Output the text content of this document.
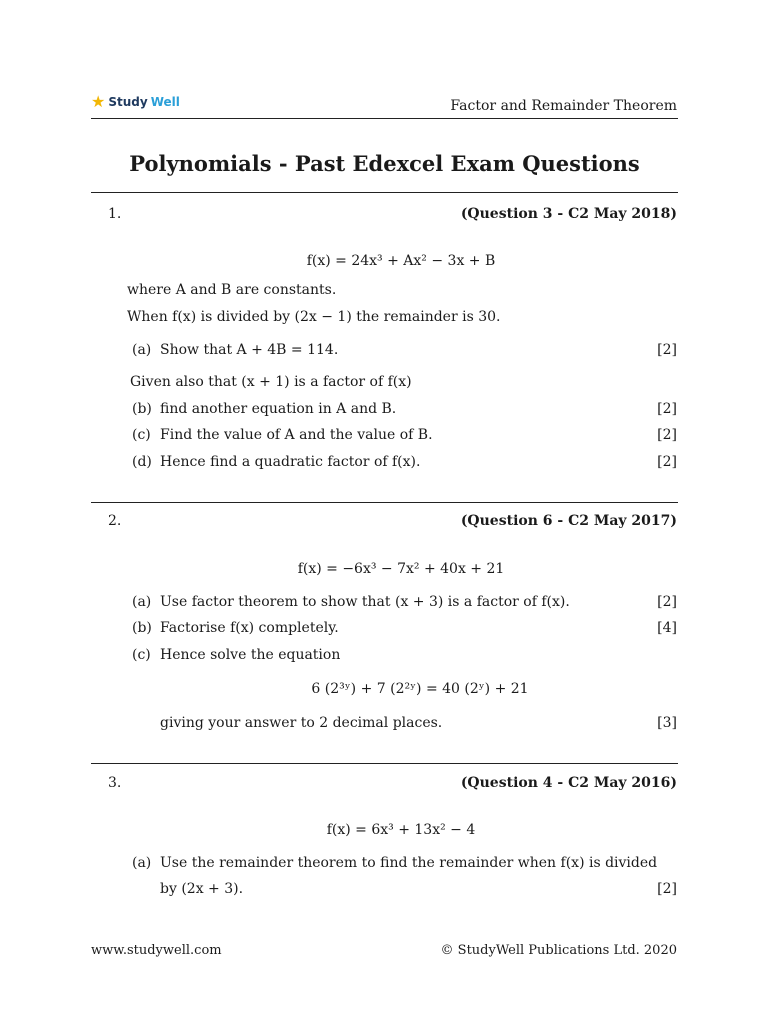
★ Study Well	Factor and Remainder Theorem
Polynomials - Past Edexcel Exam Questions
1.	(Question 3 - C2 May 2018)
f(x) = 24x³ + Ax² − 3x + B
where A and B are constants.
When f(x) is divided by (2x − 1) the remainder is 30.
(a) Show that A + 4B = 114.	[2]
Given also that (x + 1) is a factor of f(x)
(b) find another equation in A and B.	[2]
(c) Find the value of A and the value of B.	[2]
(d) Hence find a quadratic factor of f(x).	[2]
2.	(Question 6 - C2 May 2017)
f(x) = −6x³ − 7x² + 40x + 21
(a) Use factor theorem to show that (x + 3) is a factor of f(x).	[2]
(b) Factorise f(x) completely.	[4]
(c) Hence solve the equation
6 (2³ʸ) + 7 (2²ʸ) = 40 (2ʸ) + 21
giving your answer to 2 decimal places.	[3]
3.	(Question 4 - C2 May 2016)
f(x) = 6x³ + 13x² − 4
(a) Use the remainder theorem to find the remainder when f(x) is divided
by (2x + 3).	[2]
www.studywell.com	© StudyWell Publications Ltd. 2020
